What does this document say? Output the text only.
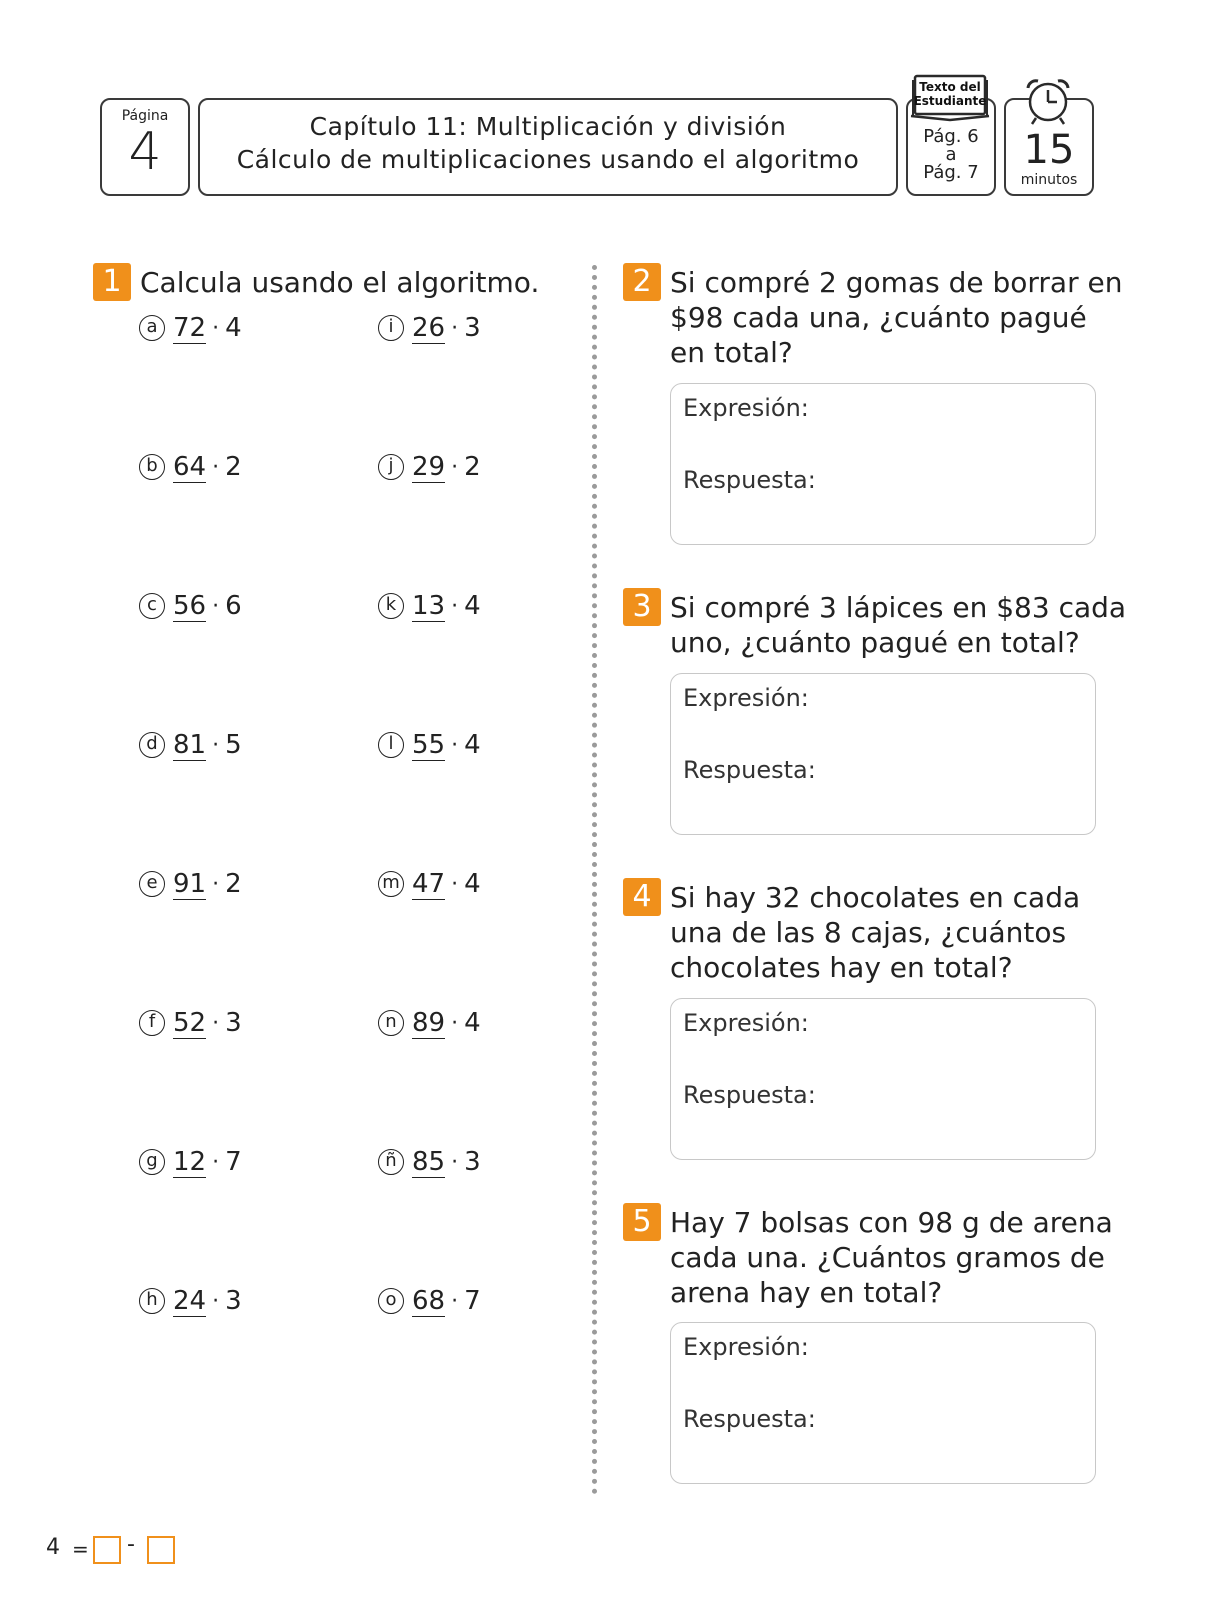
Página
4	Capítulo 11: Multiplicación y división
Cálculo de multiplicaciones usando el algoritmo
Pág. 6
a
Pág. 7
Texto del
Estudiante
15
minutos
1 Calcula usando el algoritmo.
a 72 · 4
b 64 · 2
c 56 · 6
d 81 · 5
e 91 · 2
f 52 · 3
g 12 · 7
h 24 · 3
i 26 · 3
j 29 · 2
k 13 · 4
l 55 · 4
m 47 · 4
n 89 · 4
ñ 85 · 3
o 68 · 7
2 Si compré 2 gomas de borrar en
$98 cada una, ¿cuánto pagué
en total?
Expresión:
Respuesta:
3 Si compré 3 lápices en $83 cada
uno, ¿cuánto pagué en total?
Expresión:
Respuesta:
4 Si hay 32 chocolates en cada
una de las 8 cajas, ¿cuántos
chocolates hay en total?
Expresión:
Respuesta:
5 Hay 7 bolsas con 98 g de arena
cada una. ¿Cuántos gramos de
arena hay en total?
Expresión:
Respuesta:
4 = -
